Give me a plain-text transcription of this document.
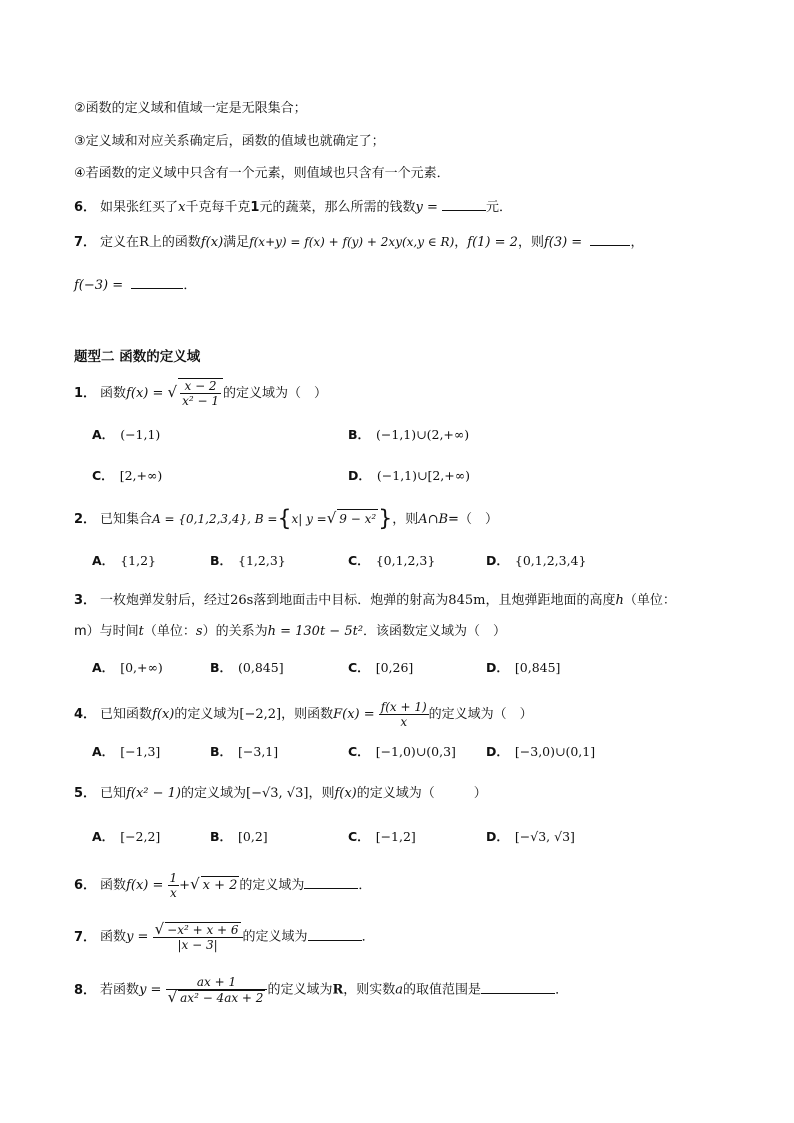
②函数的定义域和值域一定是无限集合；
③定义域和对应关系确定后，函数的值域也就确定了；
④若函数的定义域中只含有一个元素，则值域也只含有一个元素．
6． 如果张红买了x千克每千克1元的蔬菜，那么所需的钱数y =	元．
7． 定义在R上的函数f(x)满足f(x+y) = f(x) + f(y) + 2xy(x,y ∈ R)，f(1) = 2，则f(3) =	，
f(−3) =	．
题型二 函数的定义域
1． 函数f(x) = √ $\frac{x - 2}{\text{x² − 1}}$ 的定义域为（　）
A． (−1,1)	B． (−1,1)∪(2,+∞)
C． [2,+∞)	D． (−1,1)∪[2,+∞)
2． 已知集合A = {0,1,2,3,4}, B ={x| y =√ 9 − x²}，则A∩B=（　）
A． {1,2}	B． {1,2,3}	C． {0,1,2,3}	D． {0,1,2,3,4}
3． 一枚炮弹发射后，经过26s落到地面击中目标．炮弹的射高为845m，且炮弹距地面的高度h（单位：
m）与时间t（单位：s）的关系为h = 130t − 5t²．该函数定义域为（　）
A． [0,+∞)	B． (0,845]	C． [0,26]	D． [0,845]
4． 已知函数f(x)的定义域为[−2,2]，则函数$F(x) = \frac{f(x + 1)}{x}$ 的定义域为（　）
A． [−1,3]	B． [−3,1]	C． [−1,0)∪(0,3] D． [−3,0)∪(0,1]
5． 已知f(x² − 1)的定义域为[−√3, √3]，则f(x)的定义域为（　　　）
A． [−2,2]	B． [0,2]	C． [−1,2]	D． [−√3, √3]
6． 函数$f(x) = \frac{1}{x}$ +√ x + 2 的定义域为	．
7． 函数$y = \frac{\text{√ −x² + x + 6}}{|x - 3|}$ 的定义域为	．
8． 若函数$y = \frac{ax + 1}{\text{√ ax² − 4ax + 2}}$ 的定义域为R，则实数a的取值范围是	．
